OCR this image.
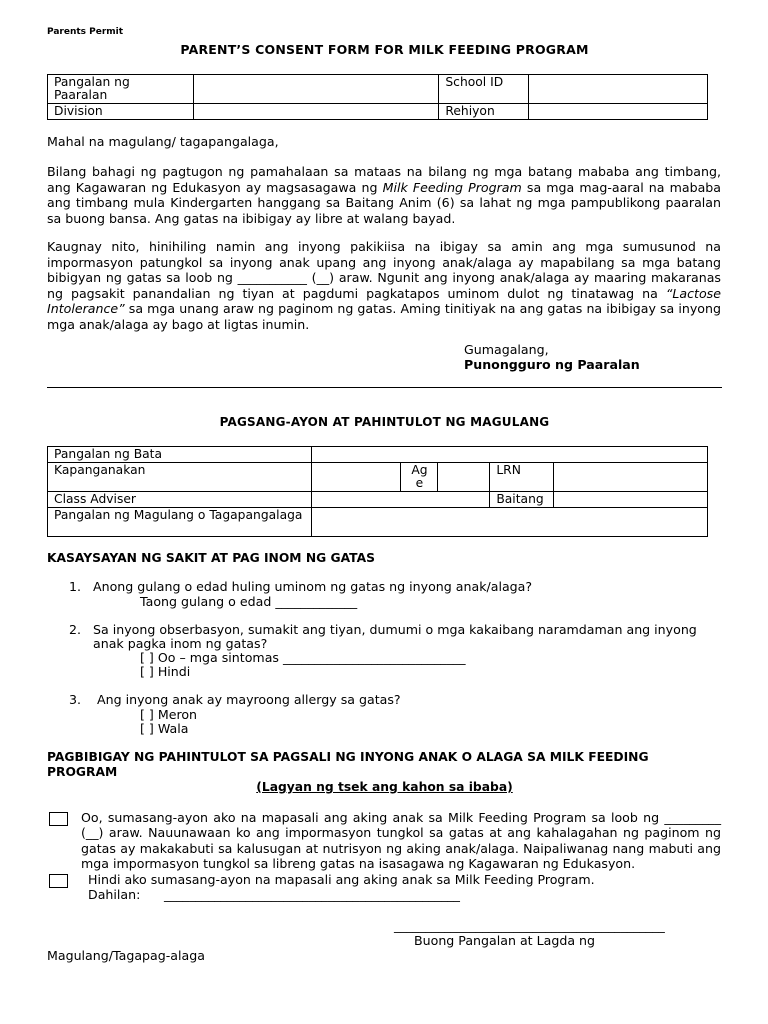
Parents Permit
PARENT’S CONSENT FORM FOR MILK FEEDING PROGRAM
Pangalan ng Paaralan		School ID	
Division		Rehiyon	
Mahal na magulang/ tagapangalaga,
Bilang bahagi ng pagtugon ng pamahalaan sa mataas na bilang ng mga batang mababa ang timbang, ang Kagawaran ng Edukasyon ay magsasagawa ng Milk Feeding Program sa mga mag-aaral na mababa ang timbang mula Kindergarten hanggang sa Baitang Anim (6) sa lahat ng mga pampublikong paaralan sa buong bansa. Ang gatas na ibibigay ay libre at walang bayad.
Kaugnay nito, hinihiling namin ang inyong pakikiisa na ibigay sa amin ang mga sumusunod na impormasyon patungkol sa inyong anak upang ang inyong anak/alaga ay mapabilang sa mga batang bibigyan ng gatas sa loob ng ___________ (__) araw. Ngunit ang inyong anak/alaga ay maaring makaranas ng pagsakit panandalian ng tiyan at pagdumi pagkatapos uminom dulot ng tinatawag na “Lactose Intolerance” sa mga unang araw ng paginom ng gatas. Aming tinitiyak na ang gatas na ibibigay sa inyong mga anak/alaga ay bago at ligtas inumin.
Gumagalang,
Punongguro ng Paaralan
PAGSANG-AYON AT PAHINTULOT NG MAGULANG
Pangalan ng Bata					
Kapanganakan		Ag e		LRN	
Class Adviser				Baitang	
Pangalan ng Magulang o Tagapangalaga					
KASAYSAYAN NG SAKIT AT PAG INOM NG GATAS
1. Anong gulang o edad huling uminom ng gatas ng inyong anak/alaga?
Taong gulang o edad _____________
2. Sa inyong obserbasyon, sumakit ang tiyan, dumumi o mga kakaibang naramdaman ang inyong anak pagka inom ng gatas?
[ ] Oo – mga sintomas _____________________________
[ ] Hindi
3. Ang inyong anak ay mayroong allergy sa gatas?
[ ] Meron
[ ] Wala
PAGBIBIGAY NG PAHINTULOT SA PAGSALI NG INYONG ANAK O ALAGA SA MILK FEEDING PROGRAM
(Lagyan ng tsek ang kahon sa ibaba)
Oo, sumasang-ayon ako na mapasali ang aking anak sa Milk Feeding Program sa loob ng _________ (__) araw. Nauunawaan ko ang impormasyon tungkol sa gatas at ang kahalagahan ng paginom ng gatas ay makakabuti sa kalusugan at nutrisyon ng aking anak/alaga. Naipaliwanag nang mabuti ang mga impormasyon tungkol sa libreng gatas na isasagawa ng Kagawaran ng Edukasyon.
Hindi ako sumasang-ayon na mapasali ang aking anak sa Milk Feeding Program.
Dahilan: _______________________________________________
___________________________________________
Buong Pangalan at Lagda ng
Magulang/Tagapag-alaga
